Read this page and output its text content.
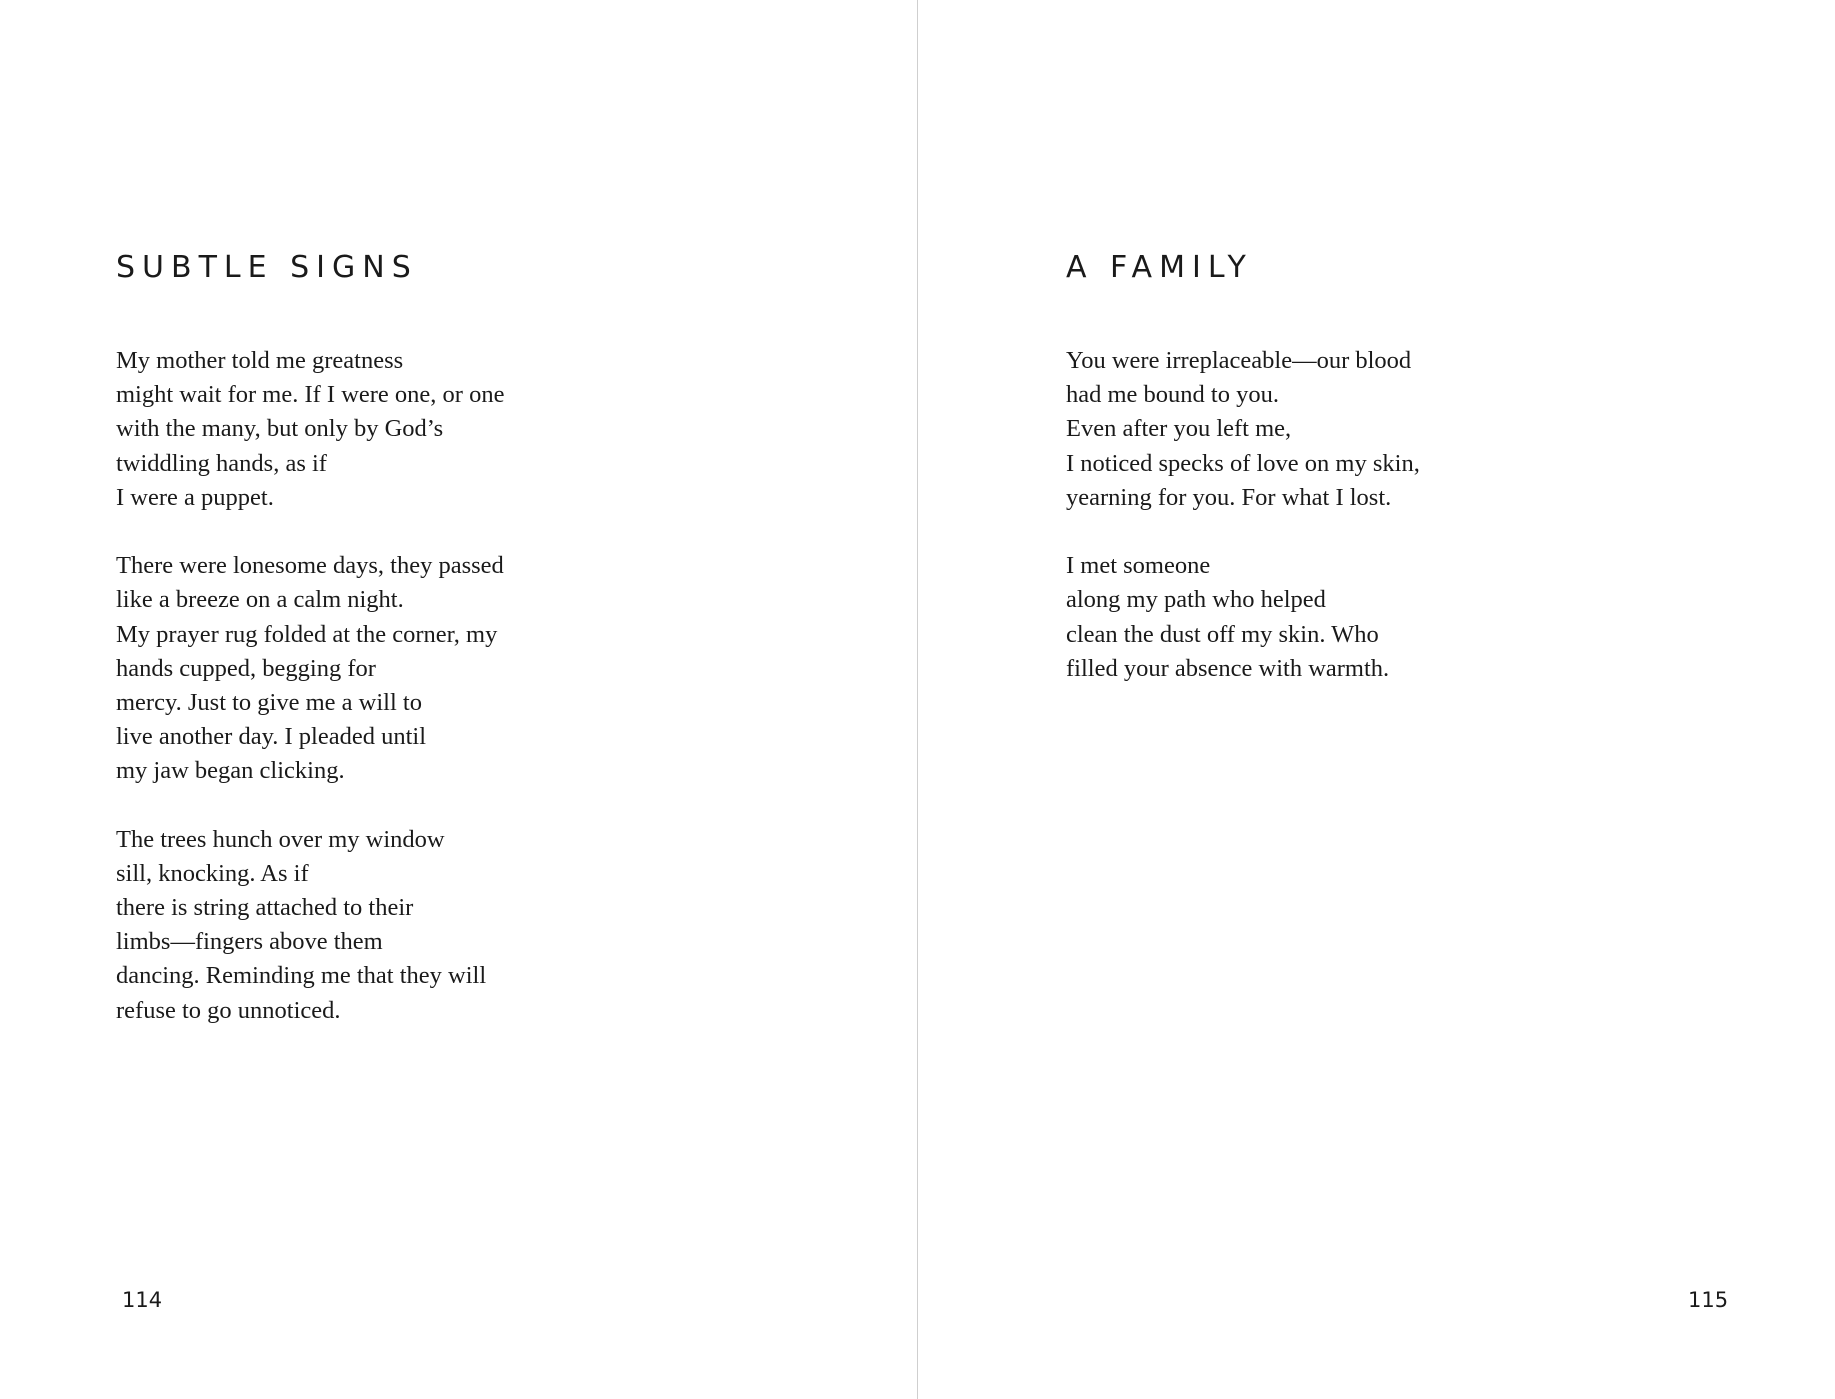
SUBTLE SIGNS
My mother told me greatness
might wait for me. If I were one, or one
with the many, but only by God’s
twiddling hands, as if
I were a puppet.
There were lonesome days, they passed
like a breeze on a calm night.
My prayer rug folded at the corner, my
hands cupped, begging for
mercy. Just to give me a will to
live another day. I pleaded until
my jaw began clicking.
The trees hunch over my window
sill, knocking. As if
there is string attached to their
limbs—fingers above them
dancing. Reminding me that they will
refuse to go unnoticed.
114
A FAMILY
You were irreplaceable—our blood
had me bound to you.
Even after you left me,
I noticed specks of love on my skin,
yearning for you. For what I lost.
I met someone
along my path who helped
clean the dust off my skin. Who
filled your absence with warmth.
115
